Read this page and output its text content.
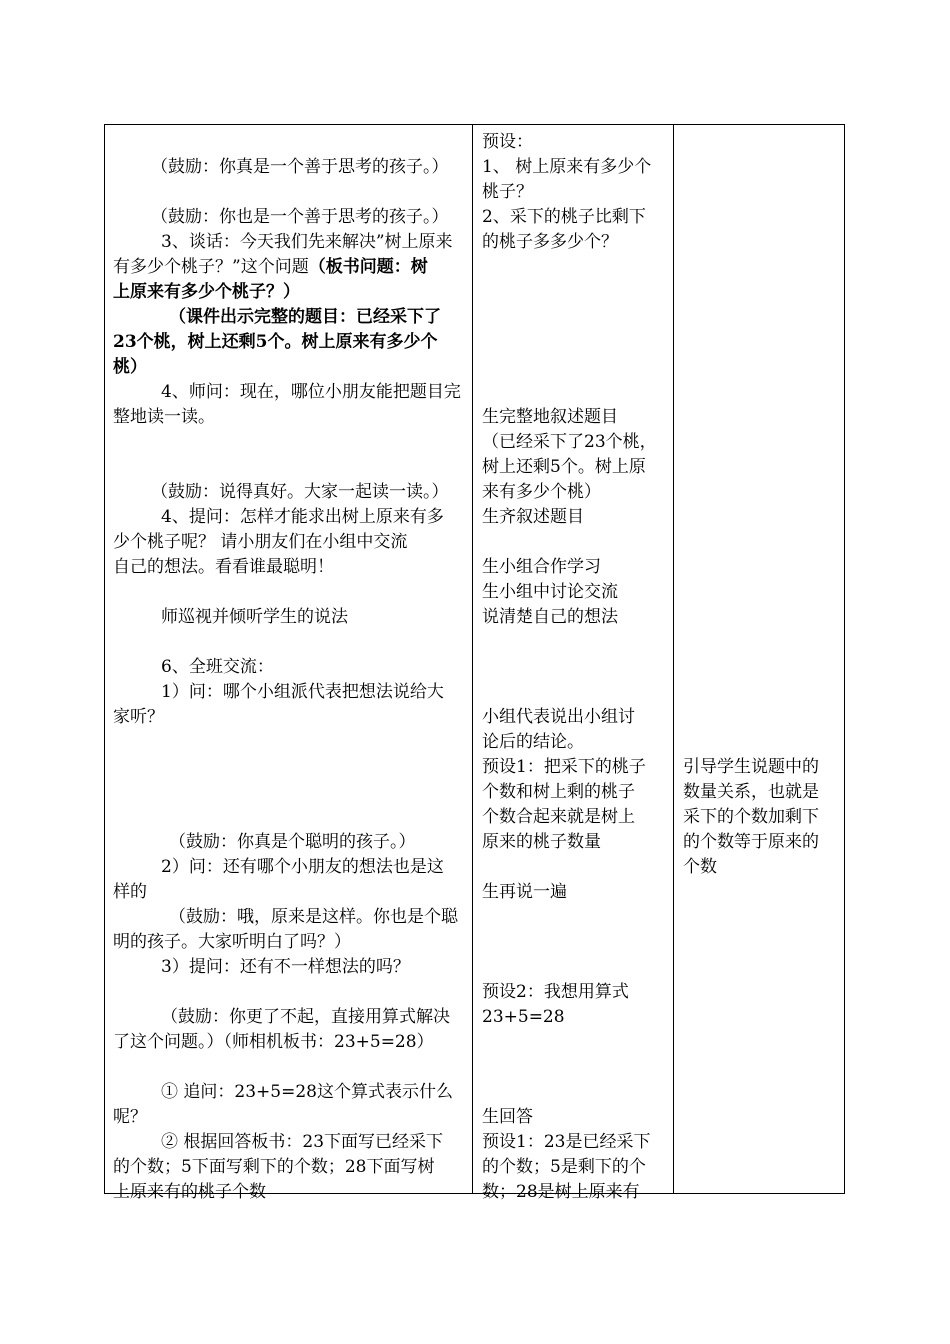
（鼓励：你真是一个善于思考的孩子。）
（鼓励：你也是一个善于思考的孩子。）
3、谈话：今天我们先来解决”树上原来
有多少个桃子？”这个问题（板书问题：树
上原来有多少个桃子？）
（课件出示完整的题目：已经采下了
23个桃，树上还剩5个。树上原来有多少个
桃）
4、师问：现在，哪位小朋友能把题目完
整地读一读。
（鼓励：说得真好。大家一起读一读。）
4、提问：怎样才能求出树上原来有多
少个桃子呢？ 请小朋友们在小组中交流
自己的想法。看看谁最聪明！
师巡视并倾听学生的说法
6、全班交流：
1）问：哪个小组派代表把想法说给大
家听？
（鼓励：你真是个聪明的孩子。）
2）问：还有哪个小朋友的想法也是这
样的
（鼓励：哦，原来是这样。你也是个聪
明的孩子。大家听明白了吗？）
3）提问：还有不一样想法的吗？
（鼓励：你更了不起，直接用算式解决
了这个问题。）（师相机板书：23+5=28）
① 追问：23+5=28这个算式表示什么
呢？
② 根据回答板书：23下面写已经采下
的个数；5下面写剩下的个数；28下面写树
上原来有的桃子个数
预设：
1、 树上原来有多少个
桃子？
2、采下的桃子比剩下
的桃子多多少个？
生完整地叙述题目
（已经采下了23个桃，
树上还剩5个。树上原
来有多少个桃）
生齐叙述题目
生小组合作学习
生小组中讨论交流
说清楚自己的想法
小组代表说出小组讨
论后的结论。
预设1：把采下的桃子
个数和树上剩的桃子
个数合起来就是树上
原来的桃子数量
生再说一遍
预设2：我想用算式
23+5=28
生回答
预设1：23是已经采下
的个数；5是剩下的个
数；28是树上原来有
引导学生说题中的
数量关系，也就是
采下的个数加剩下
的个数等于原来的
个数
